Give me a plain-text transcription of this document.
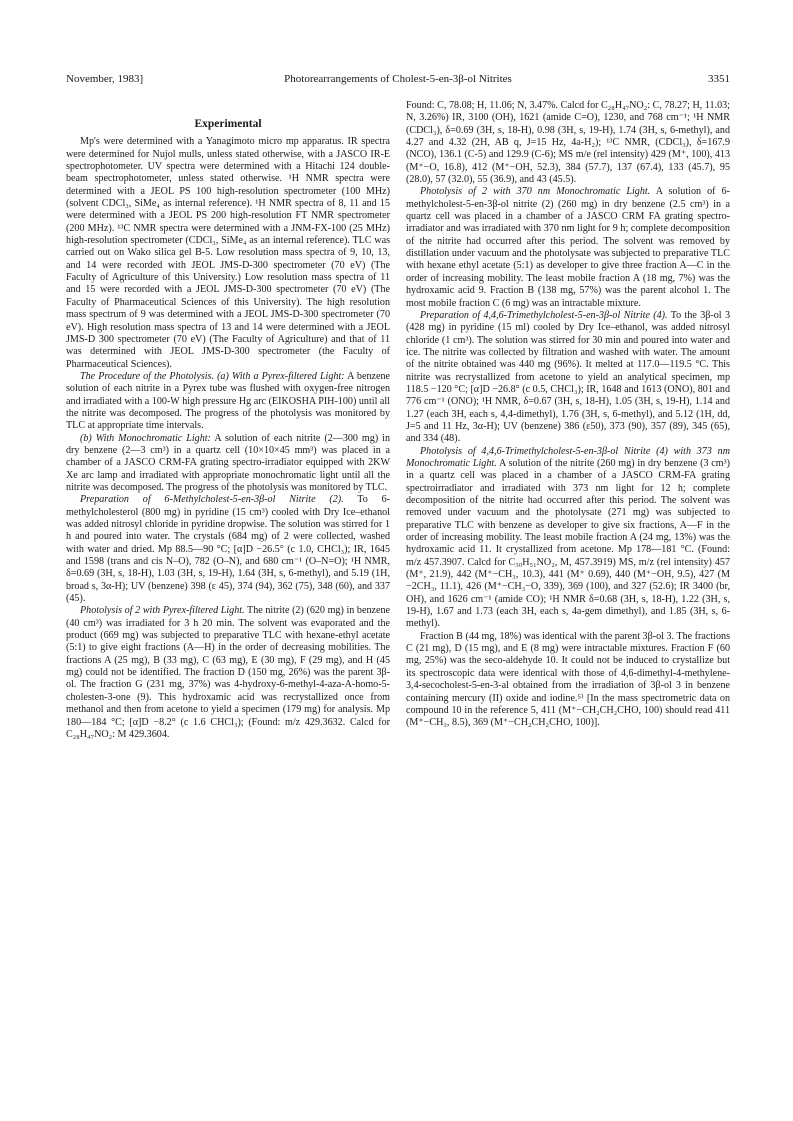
November, 1983]	Photorearrangements of Cholest-5-en-3β-ol Nitrites	3351
Experimental

Mp's were determined with a Yanagimoto micro mp apparatus. IR spectra were determined for Nujol mulls, unless stated otherwise, with a JASCO IR-E spectrophotometer. UV spectra were determined with a Hitachi 124 double-beam spectrophotometer, unless stated otherwise. ¹H NMR spectra were determined with a JEOL PS 100 high-resolution spectrometer (100 MHz) (solvent CDCl₃, SiMe₄ as internal reference). ¹H NMR spectra of 8, 11 and 15 were determined with a JEOL PS 200 high-resolution FT NMR spectrometer (200 MHz). ¹³C NMR spectra were determined with a JNM-FX-100 (25 MHz) high-resolution spectrometer (CDCl₃, SiMe₄ as an internal reference). TLC was carried out on Wako silica gel B-5. Low resolution mass spectra of 9, 10, 13, and 14 were recorded with JEOL JMS-D-300 spectrometer (70 eV) (The Faculty of Agriculture of this University.) Low resolution mass spectra of 11 and 15 were recorded with a JEOL JMS-D-300 spectrometer (70 eV) (The Faculty of Pharmaceutical Sciences of this University). The high resolution mass spectrum of 9 was determined with a JEOL JMS-D-300 spectrometer (70 eV). High resolution mass spectra of 13 and 14 were determined with a JEOL JMS-D 300 spectrometer (70 eV) (The Faculty of Agriculture) and that of 11 was determined with JEOL JMS-D-300 spectrometer (the Faculty of Pharmaceutical Sciences).

The Procedure of the Photolysis. (a) With a Pyrex-filtered Light: A benzene solution of each nitrite in a Pyrex tube was flushed with oxygen-free nitrogen and irradiated with a 100-W high pressure Hg arc (EIKOSHA PIH-100) until all the nitrite was decomposed. The progress of the photolysis was monitored by TLC at appropriate time intervals.

(b) With Monochromatic Light: A solution of each nitrite (2—300 mg) in dry benzene (2—3 cm³) in a quartz cell (10×10×45 mm³) was placed in a chamber of a JASCO CRM-FA grating spectro-irradiator equipped with 2KW Xe arc lamp and irradiated with appropriate monochromatic light until all the nitrite was decomposed. The progress of the photolysis was monitored by TLC.

Preparation of 6-Methylcholest-5-en-3β-ol Nitrite (2). To 6-methylcholesterol (800 mg) in pyridine (15 cm³) cooled with Dry Ice–ethanol was added nitrosyl chloride in pyridine dropwise. The solution was stirred for 1 h and poured into water. The crystals (684 mg) of 2 were collected, washed with water and dried. Mp 88.5—90 °C; [α]D −26.5° (c 1.0, CHCl₃); IR, 1645 and 1598 (trans and cis N–O), 782 (O–N), and 680 cm⁻¹ (O–N=O); ¹H NMR, δ=0.69 (3H, s, 18-H), 1.03 (3H, s, 19-H), 1.64 (3H, s, 6-methyl), and 5.19 (1H, broad s, 3α-H); UV (benzene) 398 (ε 45), 374 (94), 362 (75), 348 (60), and 337 (45).

Photolysis of 2 with Pyrex-filtered Light. The nitrite (2) (620 mg) in benzene (40 cm³) was irradiated for 3 h 20 min. The solvent was evaporated and the product (669 mg) was subjected to preparative TLC with hexane-ethyl acetate (5:1) to give eight fractions (A—H) in the order of decreasing mobilities. The fractions A (25 mg), B (33 mg), C (63 mg), E (30 mg), F (29 mg), and H (45 mg) could not be identified. The fraction D (150 mg, 26%) was the parent 3β-ol. The fraction G (231 mg, 37%) was 4-hydroxy-6-methyl-4-aza-A-homo-5-cholesten-3-one (9). This hydroxamic acid was recrystallized once from methanol and then from acetone to yield a specimen (179 mg) for analysis. Mp 180—184 °C; [α]D −8.2° (c 1.6 CHCl₃); (Found: m/z 429.3632. Calcd for C₂₈H₄₇NO₂: M 429.3604.

Found: C, 78.08; H, 11.06; N, 3.47%. Calcd for C₂₈H₄₇NO₂: C, 78.27; H, 11.03; N, 3.26%) IR, 3100 (OH), 1621 (amide C=O), 1230, and 768 cm⁻¹; ¹H NMR (CDCl₃), δ=0.69 (3H, s, 18-H), 0.98 (3H, s, 19-H), 1.74 (3H, s, 6-methyl), and 4.27 and 4.32 (2H, AB q, J=15 Hz, 4a-H₂); ¹³C NMR, (CDCl₃), δ=167.9 (NCO), 136.1 (C-5) and 129.9 (C-6); MS m/e (rel intensity) 429 (M⁺, 100), 413 (M⁺−O, 16.8), 412 (M⁺−OH, 52.3), 384 (57.7), 137 (67.4), 133 (45.7), 95 (28.0), 57 (32.0), 55 (36.9), and 43 (45.5).

Photolysis of 2 with 370 nm Monochromatic Light. A solution of 6-methylcholest-5-en-3β-ol nitrite (2) (260 mg) in dry benzene (2.5 cm³) in a quartz cell was placed in a chamber of a JASCO CRM FA grating spectro-irradiator and was irradiated with 370 nm light for 9 h; complete decomposition of the nitrite had occurred after this period. The solvent was removed by distillation under vacuum and the photolysate was subjected to preparative TLC with hexane ethyl acetate (5:1) as developer to give three fraction A—C in the order of increasing mobility. The least mobile fraction A (18 mg, 7%) was the hydroxamic acid 9. Fraction B (138 mg, 57%) was the parent alcohol 1. The most mobile fraction C (6 mg) was an intractable mixture.

Preparation of 4,4,6-Trimethylcholest-5-en-3β-ol Nitrite (4). To the 3β-ol 3 (428 mg) in pyridine (15 ml) cooled by Dry Ice–ethanol, was added nitrosyl chloride (1 cm³). The solution was stirred for 30 min and poured into water and ice. The nitrite was collected by filtration and washed with water. The amount of the nitrite obtained was 440 mg (96%). It melted at 117.0—119.5 °C. This nitrite was recrystallized from acetone to yield an analytical specimen, mp 118.5 −120 °C; [α]D −26.8° (c 0.5, CHCl₃); IR, 1648 and 1613 (ONO), 801 and 776 cm⁻¹ (ONO); ¹H NMR, δ=0.67 (3H, s, 18-H), 1.05 (3H, s, 19-H), 1.14 and 1.27 (each 3H, each s, 4,4-dimethyl), 1.76 (3H, s, 6-methyl), and 5.12 (1H, dd, J=5 and 11 Hz, 3α-H); UV (benzene) 386 (ε50), 373 (90), 357 (89), 345 (65), and 334 (48).

Photolysis of 4,4,6-Trimethylcholest-5-en-3β-ol Nitrite (4) with 373 nm Monochromatic Light. A solution of the nitrite (260 mg) in dry benzene (3 cm³) in a quartz cell was placed in a chamber of a JASCO CRM-FA grating spectroirradiator and irradiated with 373 nm light for 12 h; complete decomposition of the nitrite had occurred after this period. The solvent was removed under vacuum and the photolysate (271 mg) was subjected to preparative TLC with benzene as developer to give six fractions, A—F in the order of increasing mobility. The least mobile fraction A (24 mg, 13%) was the hydroxamic acid 11. It crystallized from acetone. Mp 178—181 °C. (Found: m/z 457.3907. Calcd for C₃₀H₅₁NO₂, M, 457.3919) MS, m/z (rel intensity) 457 (M⁺, 21.9), 442 (M⁺−CH₃, 10.3), 441 (M⁺ 0.69), 440 (M⁺−OH, 9.5), 427 (M −2CH₃, 11.1), 426 (M⁺−CH₃−O, 339), 369 (100), and 327 (52.6); IR 3400 (br, OH), and 1626 cm⁻¹ (amide CO); ¹H NMR δ=0.68 (3H, s, 18-H), 1.22 (3H, s, 19-H), 1.67 and 1.73 (each 3H, each s, 4a-gem dimethyl), and 1.85 (3H, s, 6-methyl).

Fraction B (44 mg, 18%) was identical with the parent 3β-ol 3. The fractions C (21 mg), D (15 mg), and E (8 mg) were intractable mixtures. Fraction F (60 mg, 25%) was the seco-aldehyde 10. It could not be induced to crystallize but its spectroscopic data were identical with those of 4,6-dimethyl-4-methylene-3,4-secocholest-5-en-3-al obtained from the irradiation of 3β-ol 3 in benzene containing mercury (II) oxide and iodine.⁵⁾ [In the mass spectrometric data on compound 10 in the reference 5, 411 (M⁺−CH₂CH₂CHO, 100) should read 411 (M⁺−CH₃, 8.5), 369 (M⁺−CH₂CH₂CHO, 100)].
